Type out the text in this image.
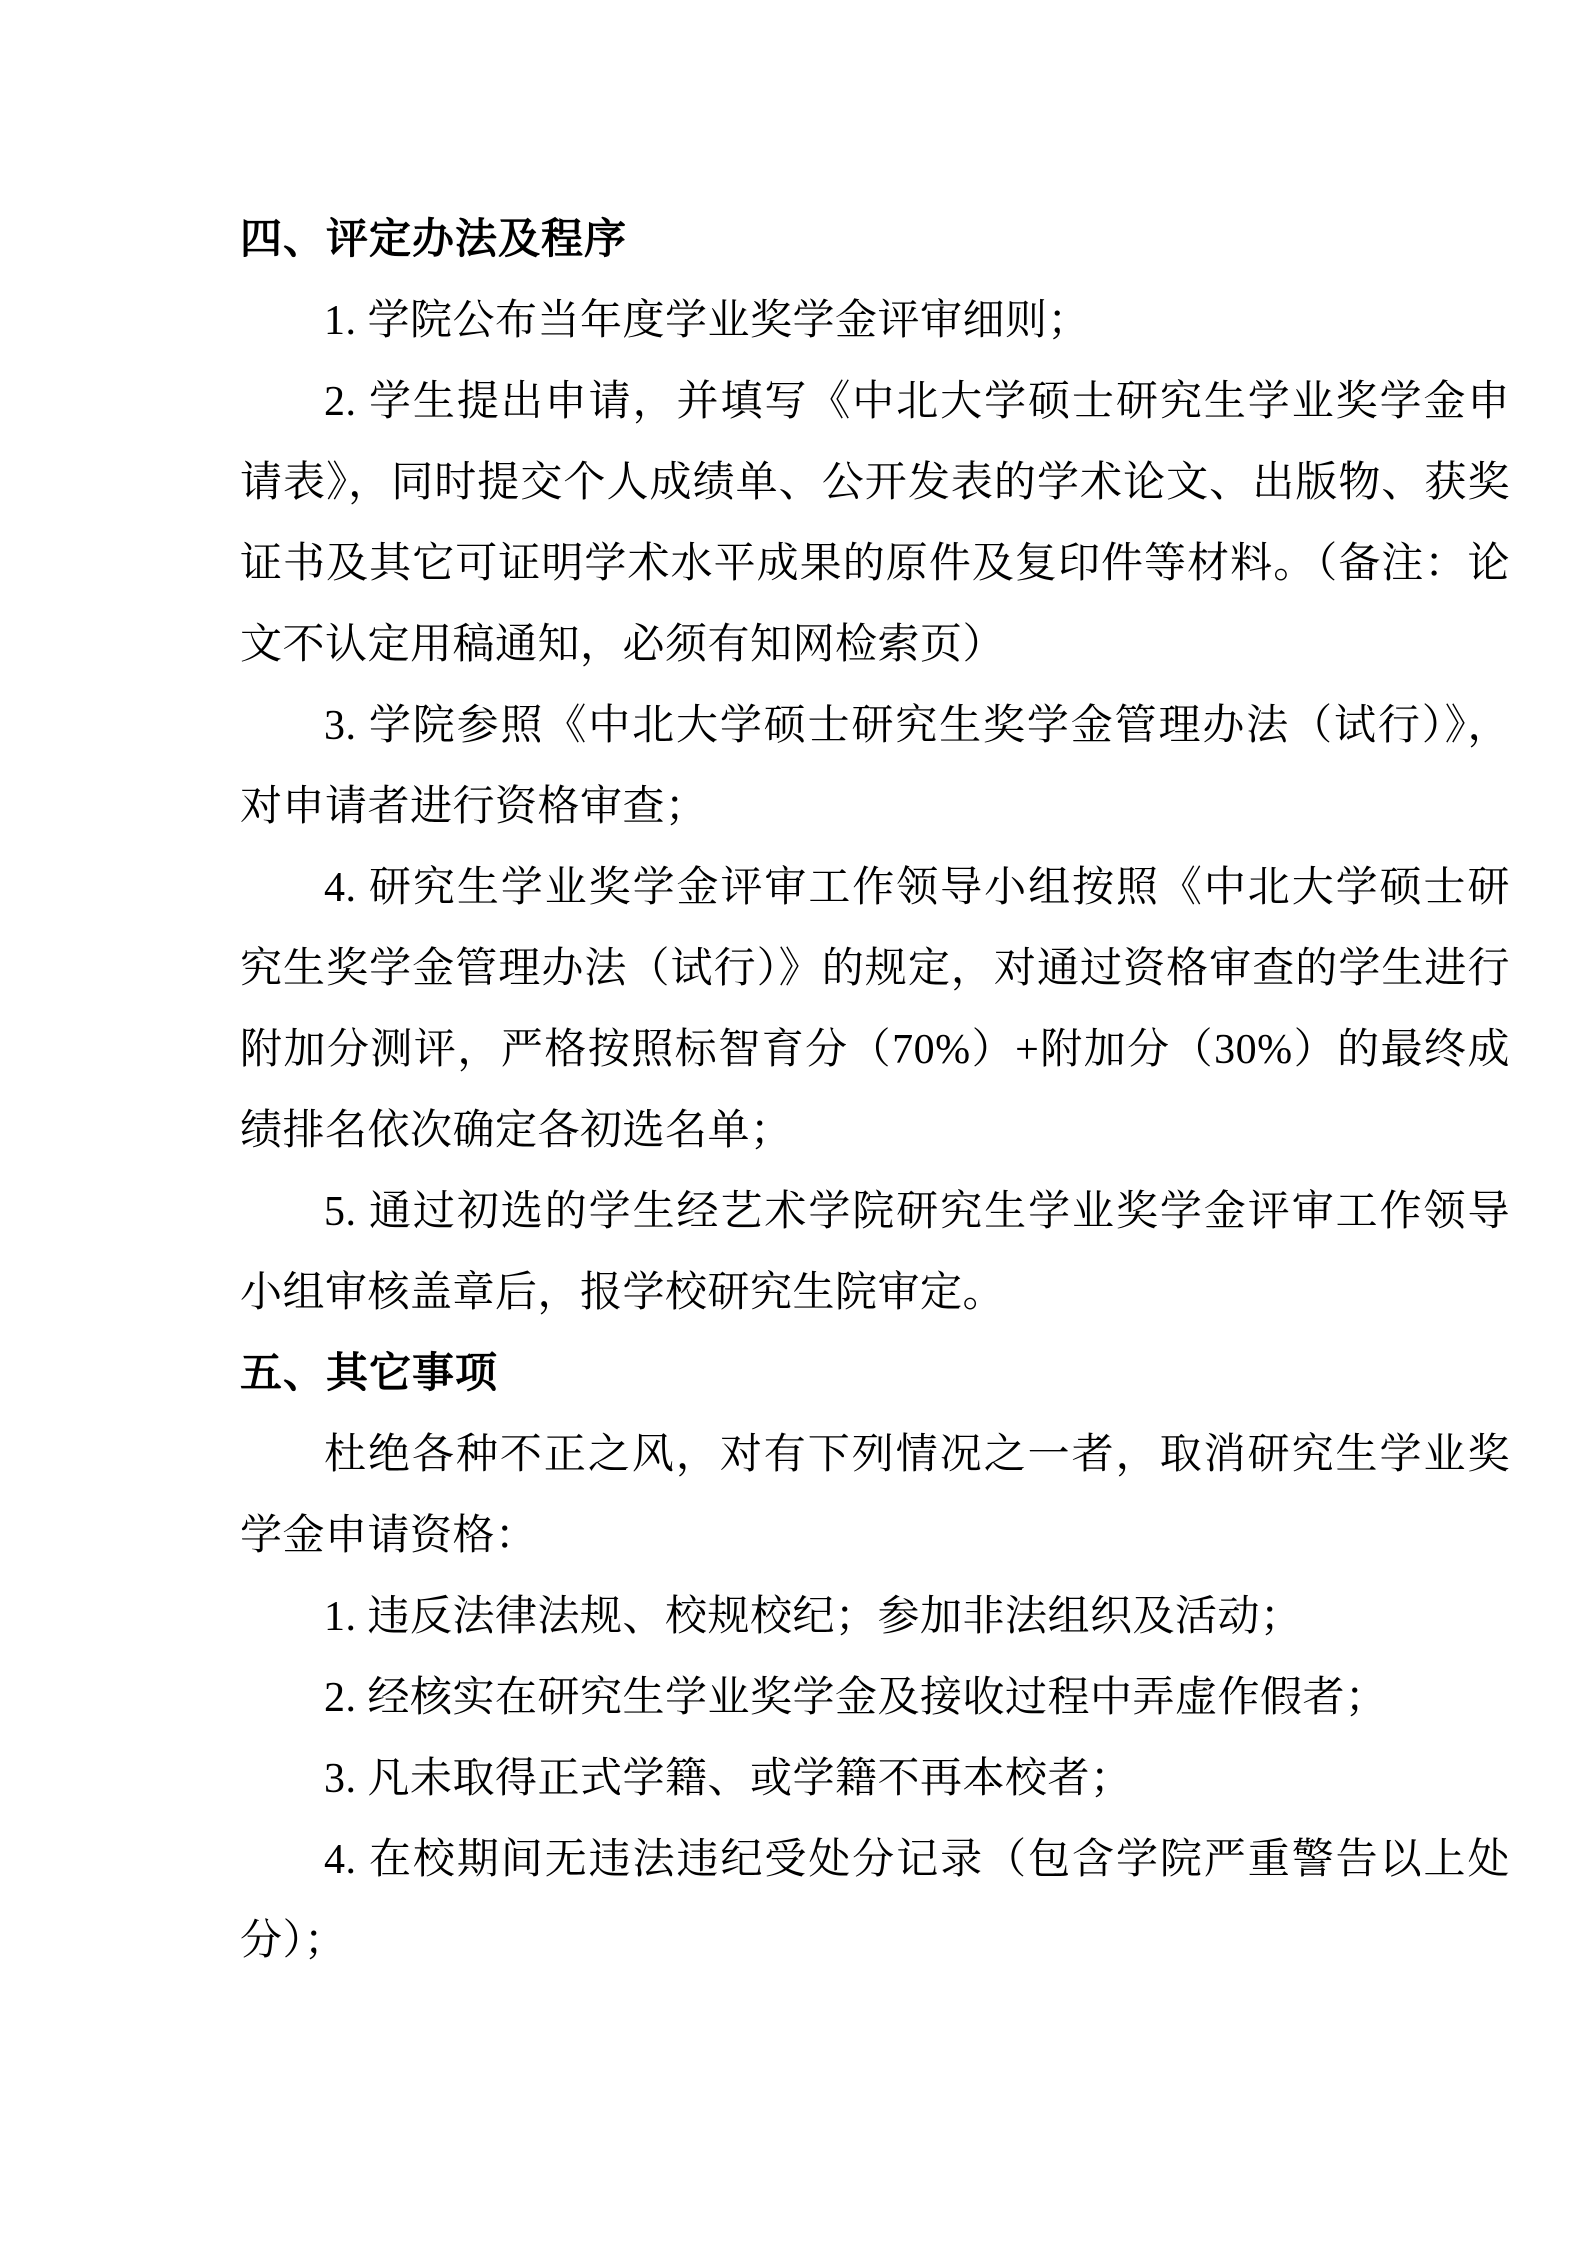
四、评定办法及程序

1. 学院公布当年度学业奖学金评审细则；

2. 学生提出申请，并填写《中北大学硕士研究生学业奖学金申请表》，同时提交个人成绩单、公开发表的学术论文、出版物、获奖证书及其它可证明学术水平成果的原件及复印件等材料。（备注：论文不认定用稿通知，必须有知网检索页）

3. 学院参照《中北大学硕士研究生奖学金管理办法（试行）》，对申请者进行资格审查；

4. 研究生学业奖学金评审工作领导小组按照《中北大学硕士研究生奖学金管理办法（试行）》的规定，对通过资格审查的学生进行附加分测评，严格按照标智育分（70%）+附加分（30%）的最终成绩排名依次确定各初选名单；

5. 通过初选的学生经艺术学院研究生学业奖学金评审工作领导小组审核盖章后，报学校研究生院审定。

五、其它事项

杜绝各种不正之风，对有下列情况之一者，取消研究生学业奖学金申请资格：

1. 违反法律法规、校规校纪；参加非法组织及活动；

2. 经核实在研究生学业奖学金及接收过程中弄虚作假者；

3. 凡未取得正式学籍、或学籍不再本校者；

4. 在校期间无违法违纪受处分记录（包含学院严重警告以上处分）；
